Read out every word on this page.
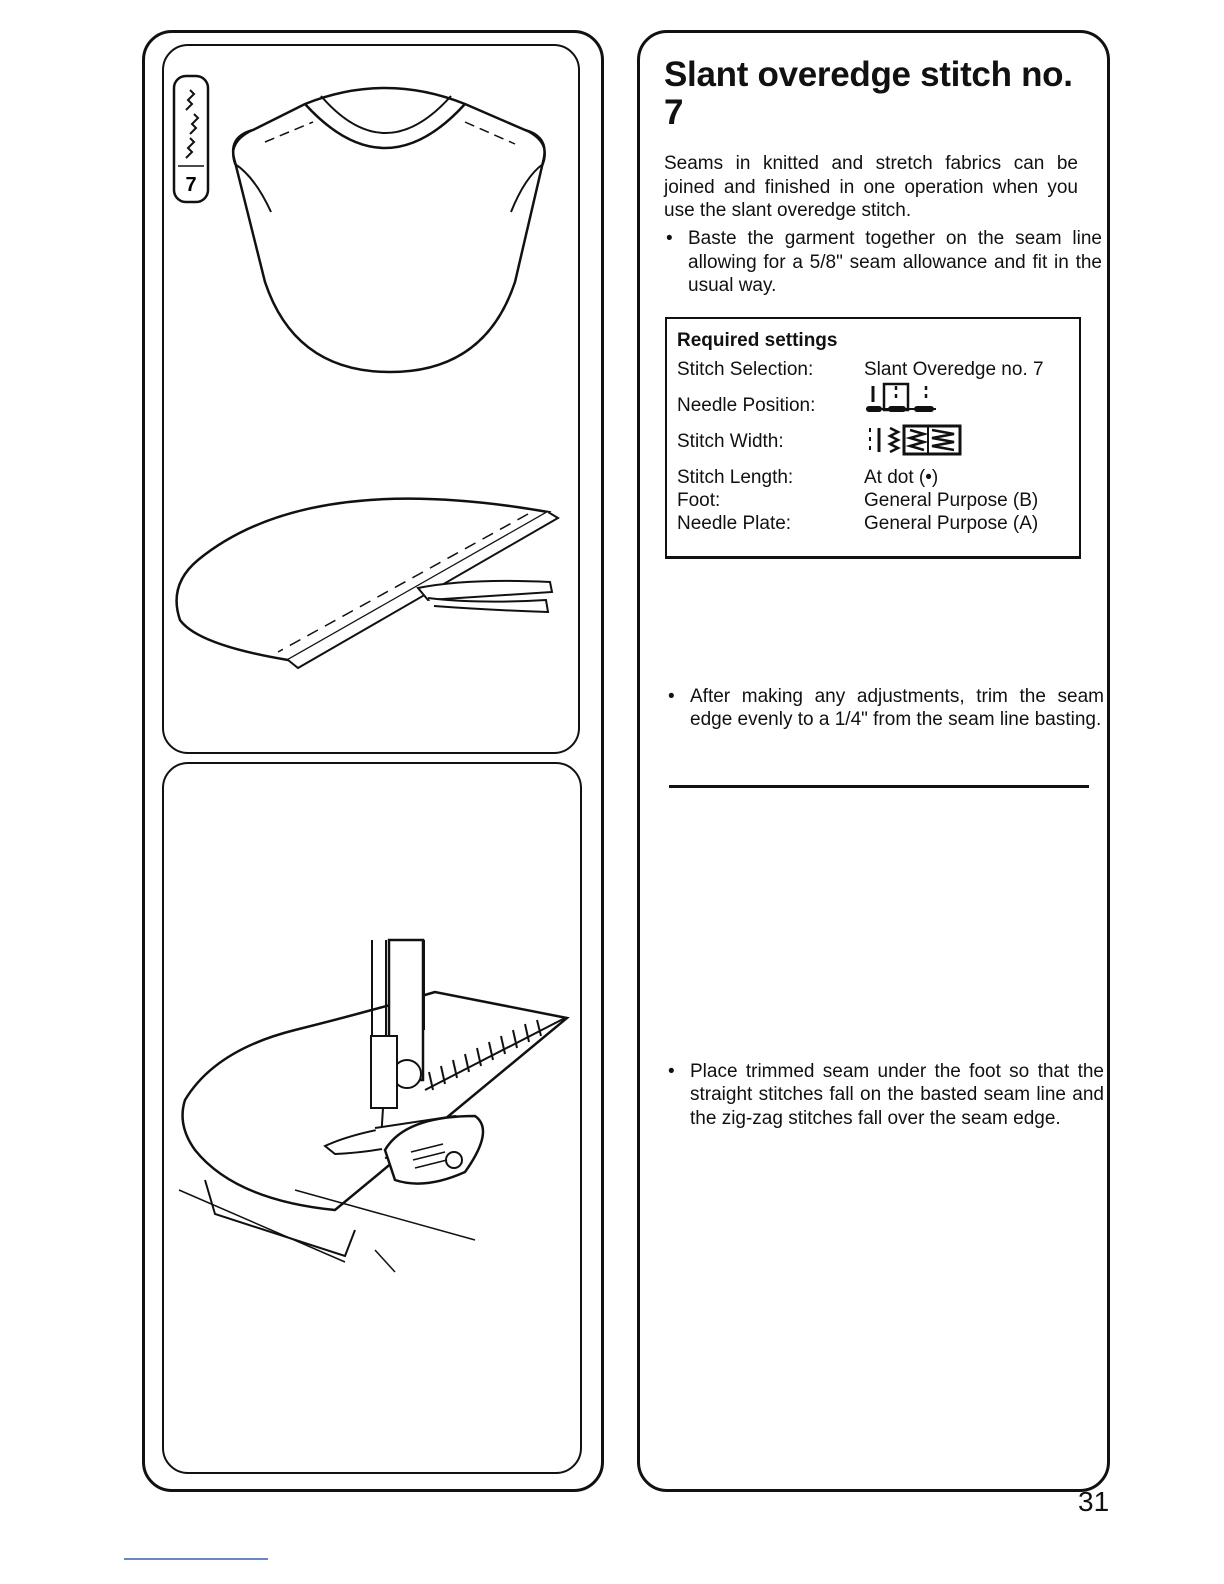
7
Slant overedge stitch no. 7

Seams in knitted and stretch fabrics can be joined and finished in one operation when you use the slant overedge stitch.

• Baste the garment together on the seam line allowing for a 5/8" seam allowance and fit in the usual way.
Required settings
Stitch Selection:	Slant Overedge no. 7
Needle Position:
Stitch Width:
Stitch Length:	At dot (•)
Foot:	General Purpose (B)
Needle Plate:	General Purpose (A)
• After making any adjustments, trim the seam edge evenly to a 1/4" from the seam line basting.
• Place trimmed seam under the foot so that the straight stitches fall on the basted seam line and the zig-zag stitches fall over the seam edge.
31
